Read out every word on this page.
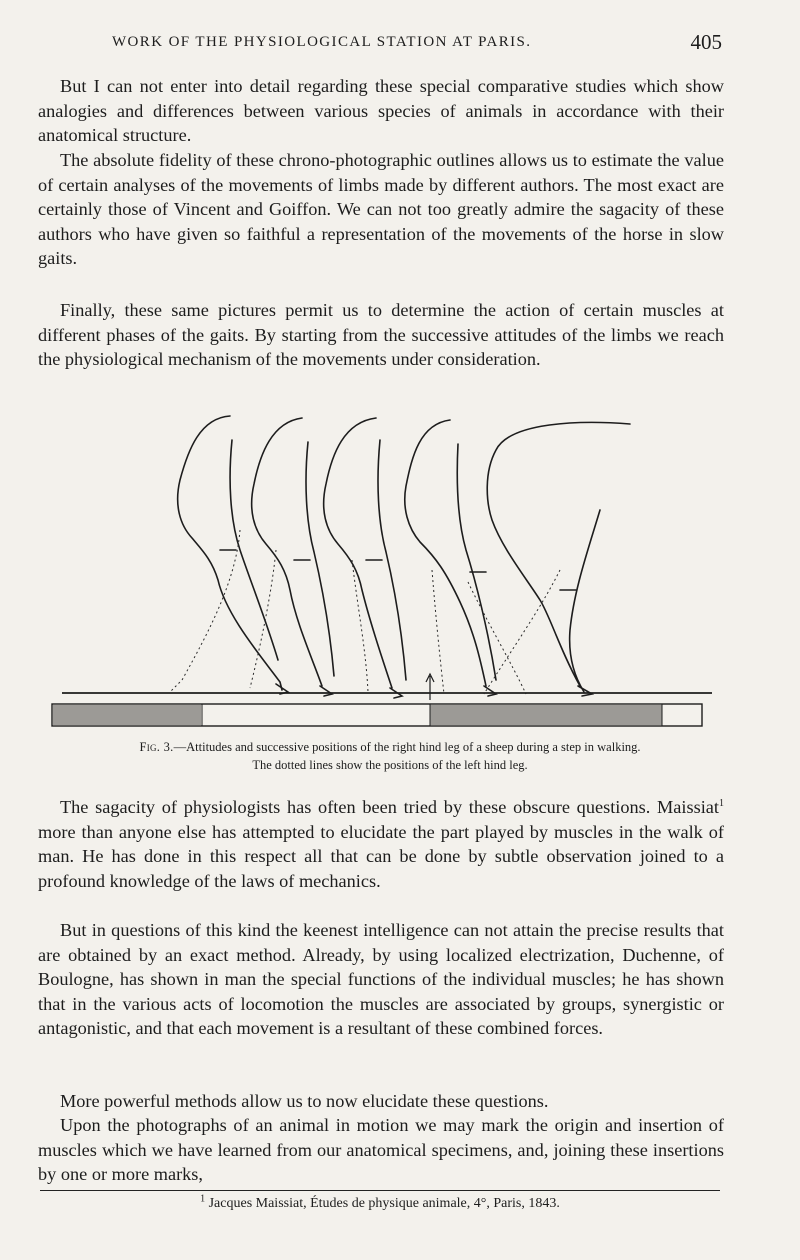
WORK OF THE PHYSIOLOGICAL STATION AT PARIS.	405

But I can not enter into detail regarding these special comparative studies which show analogies and differences between various species of animals in accordance with their anatomical structure.

The absolute fidelity of these chrono-photographic outlines allows us to estimate the value of certain analyses of the movements of limbs made by different authors. The most exact are certainly those of Vincent and Goiffon. We can not too greatly admire the sagacity of these authors who have given so faithful a representation of the movements of the horse in slow gaits.

Finally, these same pictures permit us to determine the action of certain muscles at different phases of the gaits. By starting from the successive attitudes of the limbs we reach the physiological mechanism of the movements under consideration.

Fig. 3.—Attitudes and successive positions of the right hind leg of a sheep during a step in walking.
The dotted lines show the positions of the left hind leg.

The sagacity of physiologists has often been tried by these obscure questions. Maissiat$^1$ more than anyone else has attempted to elucidate the part played by muscles in the walk of man. He has done in this respect all that can be done by subtle observation joined to a profound knowledge of the laws of mechanics.

But in questions of this kind the keenest intelligence can not attain the precise results that are obtained by an exact method. Already, by using localized electrization, Duchenne, of Boulogne, has shown in man the special functions of the individual muscles; he has shown that in the various acts of locomotion the muscles are associated by groups, synergistic or antagonistic, and that each movement is a resultant of these combined forces.

More powerful methods allow us to now elucidate these questions.

Upon the photographs of an animal in motion we may mark the origin and insertion of muscles which we have learned from our anatomical specimens, and, joining these insertions by one or more marks,

$^1$ Jacques Maissiat, Études de physique animale, 4°, Paris, 1843.
